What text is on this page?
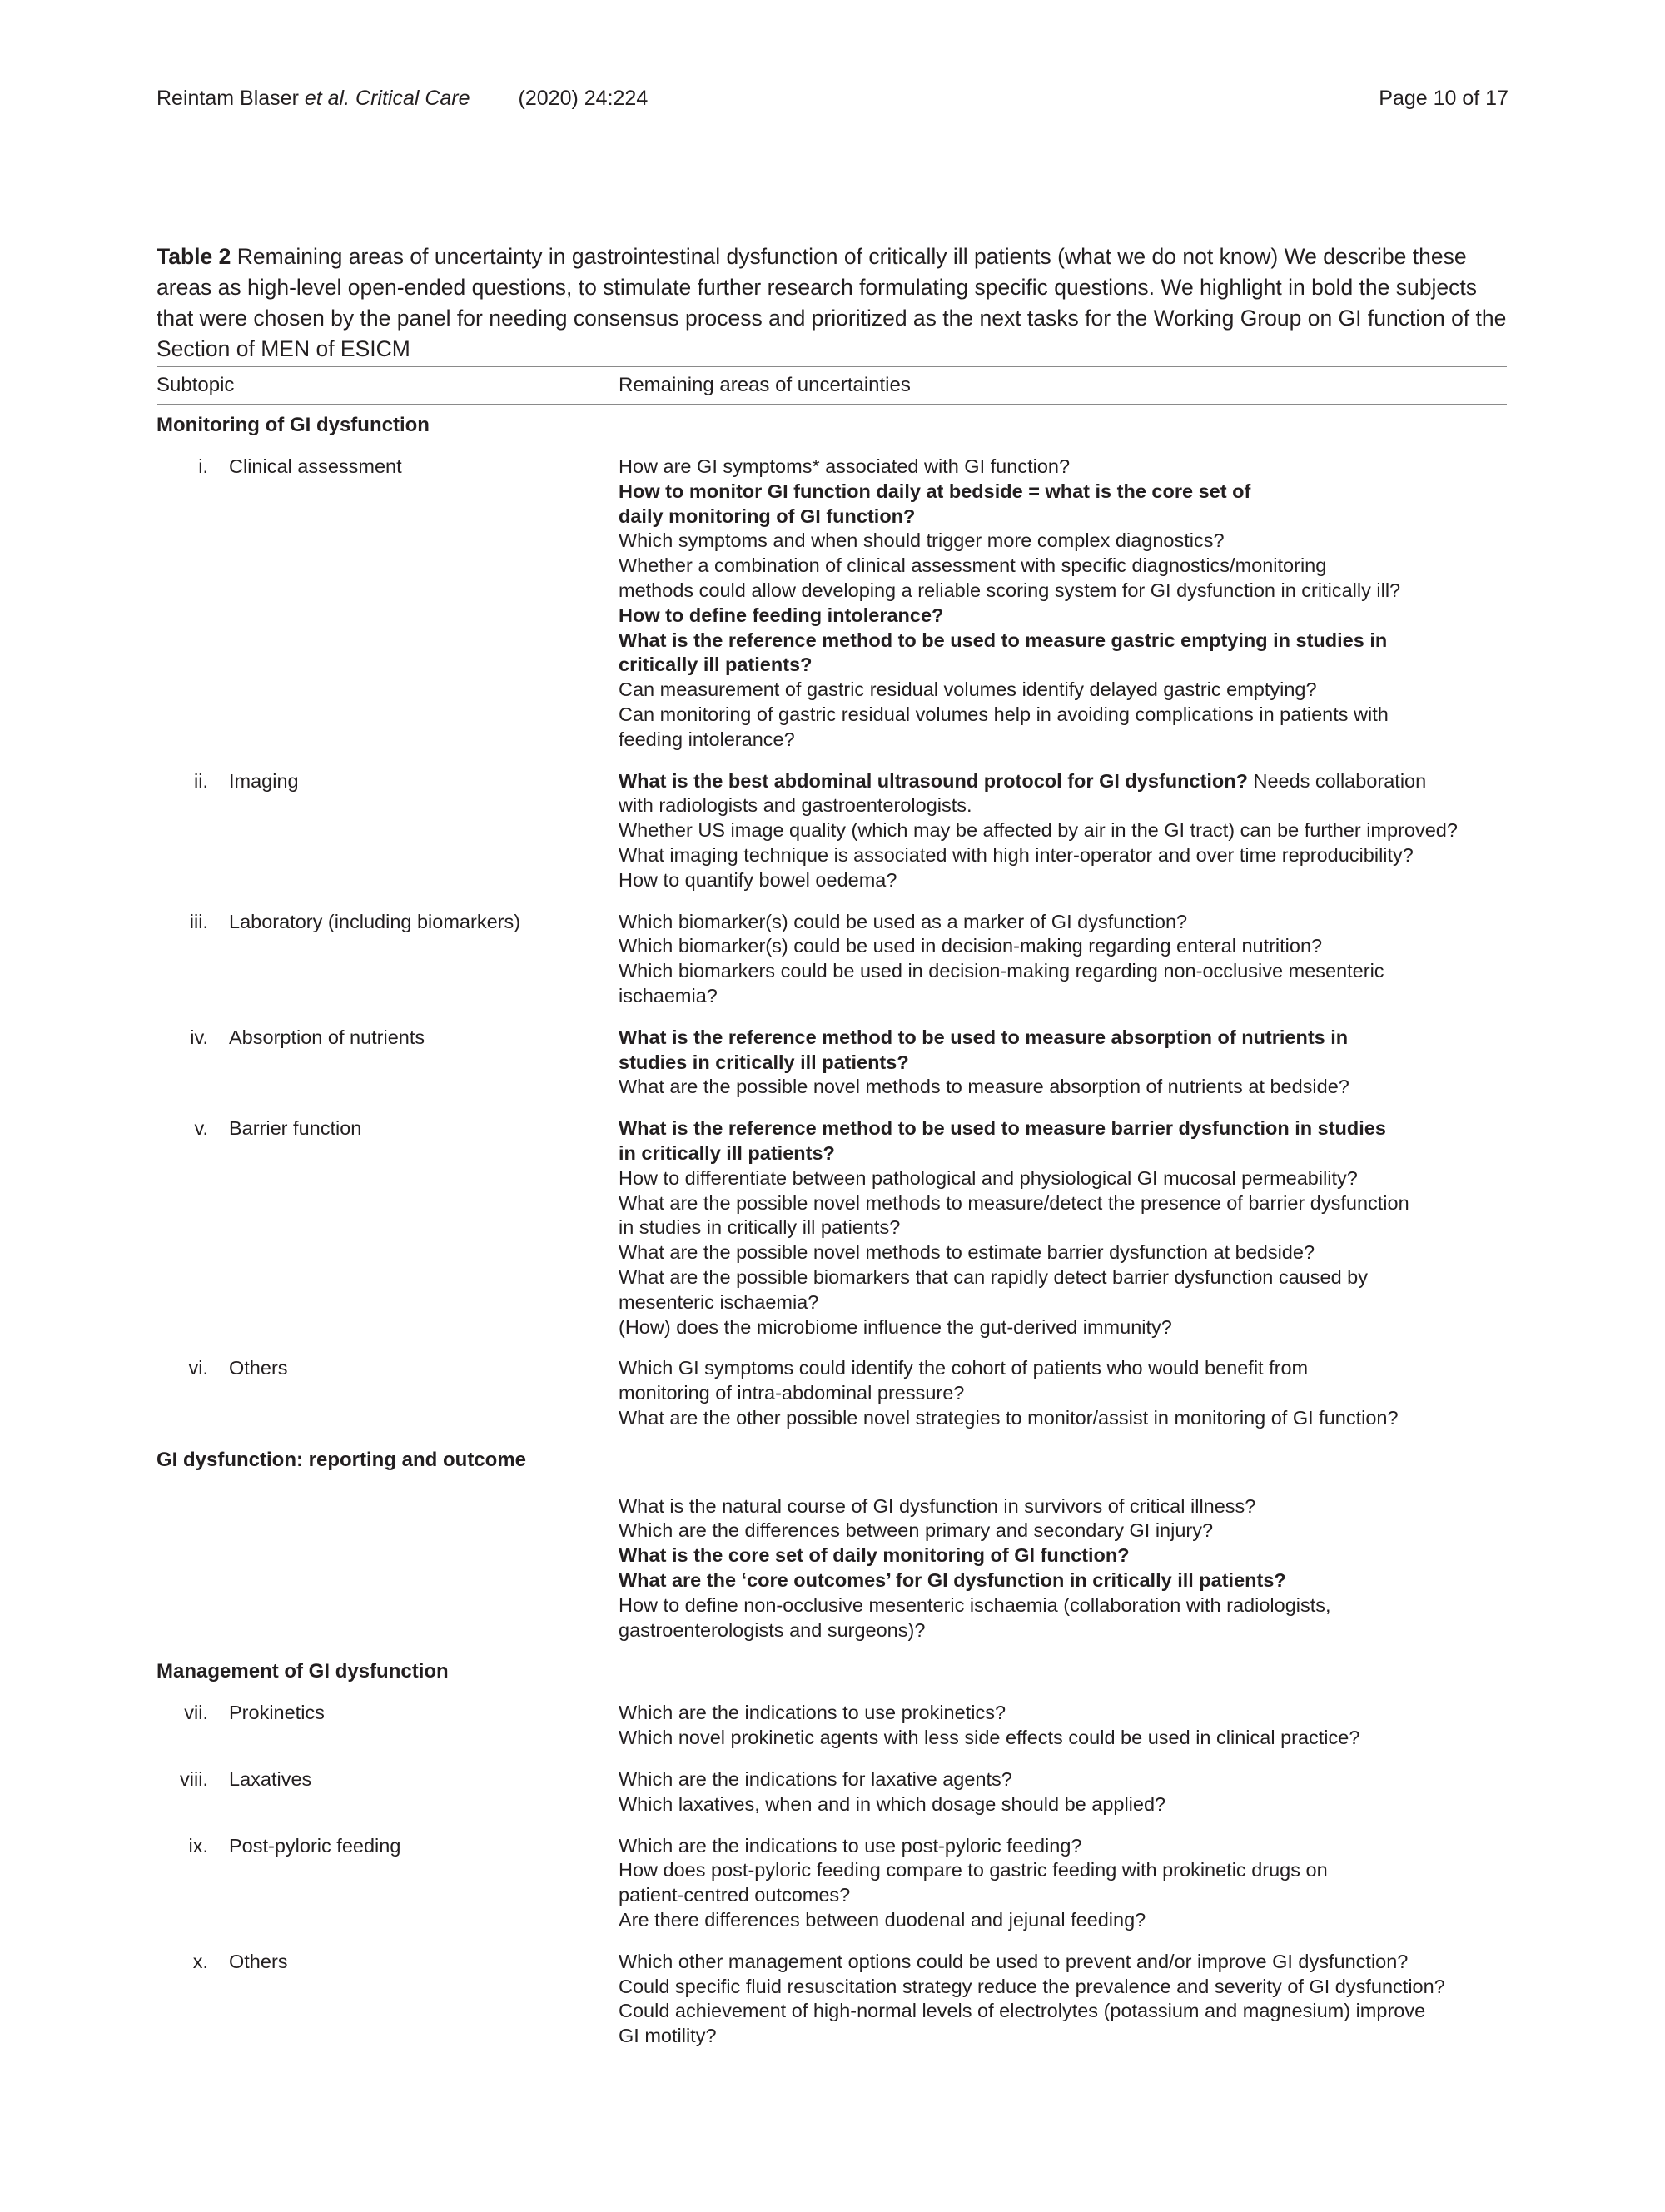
Reintam Blaser et al. Critical Care (2020) 24:224	Page 10 of 17
Table 2 Remaining areas of uncertainty in gastrointestinal dysfunction of critically ill patients (what we do not know) We describe these areas as high-level open-ended questions, to stimulate further research formulating specific questions. We highlight in bold the subjects that were chosen by the panel for needing consensus process and prioritized as the next tasks for the Working Group on GI function of the Section of MEN of ESICM
Subtopic	Remaining areas of uncertainties
Monitoring of GI dysfunction
i. Clinical assessment	How are GI symptoms* associated with GI function?
How to monitor GI function daily at bedside = what is the core set of
daily monitoring of GI function?
Which symptoms and when should trigger more complex diagnostics?
Whether a combination of clinical assessment with specific diagnostics/monitoring
methods could allow developing a reliable scoring system for GI dysfunction in critically ill?
How to define feeding intolerance?
What is the reference method to be used to measure gastric emptying in studies in
critically ill patients?
Can measurement of gastric residual volumes identify delayed gastric emptying?
Can monitoring of gastric residual volumes help in avoiding complications in patients with
feeding intolerance?
ii. Imaging	What is the best abdominal ultrasound protocol for GI dysfunction? Needs collaboration
with radiologists and gastroenterologists.
Whether US image quality (which may be affected by air in the GI tract) can be further improved?
What imaging technique is associated with high inter-operator and over time reproducibility?
How to quantify bowel oedema?
iii. Laboratory (including biomarkers)	Which biomarker(s) could be used as a marker of GI dysfunction?
Which biomarker(s) could be used in decision-making regarding enteral nutrition?
Which biomarkers could be used in decision-making regarding non-occlusive mesenteric
ischaemia?
iv. Absorption of nutrients	What is the reference method to be used to measure absorption of nutrients in
studies in critically ill patients?
What are the possible novel methods to measure absorption of nutrients at bedside?
v. Barrier function	What is the reference method to be used to measure barrier dysfunction in studies
in critically ill patients?
How to differentiate between pathological and physiological GI mucosal permeability?
What are the possible novel methods to measure/detect the presence of barrier dysfunction
in studies in critically ill patients?
What are the possible novel methods to estimate barrier dysfunction at bedside?
What are the possible biomarkers that can rapidly detect barrier dysfunction caused by
mesenteric ischaemia?
(How) does the microbiome influence the gut-derived immunity?
vi. Others	Which GI symptoms could identify the cohort of patients who would benefit from
monitoring of intra-abdominal pressure?
What are the other possible novel strategies to monitor/assist in monitoring of GI function?
GI dysfunction: reporting and outcome
What is the natural course of GI dysfunction in survivors of critical illness?
Which are the differences between primary and secondary GI injury?
What is the core set of daily monitoring of GI function?
What are the ‘core outcomes’ for GI dysfunction in critically ill patients?
How to define non-occlusive mesenteric ischaemia (collaboration with radiologists,
gastroenterologists and surgeons)?
Management of GI dysfunction
vii. Prokinetics	Which are the indications to use prokinetics?
Which novel prokinetic agents with less side effects could be used in clinical practice?
viii. Laxatives	Which are the indications for laxative agents?
Which laxatives, when and in which dosage should be applied?
ix. Post-pyloric feeding	Which are the indications to use post-pyloric feeding?
How does post-pyloric feeding compare to gastric feeding with prokinetic drugs on
patient-centred outcomes?
Are there differences between duodenal and jejunal feeding?
x. Others	Which other management options could be used to prevent and/or improve GI dysfunction?
Could specific fluid resuscitation strategy reduce the prevalence and severity of GI dysfunction?
Could achievement of high-normal levels of electrolytes (potassium and magnesium) improve
GI motility?
